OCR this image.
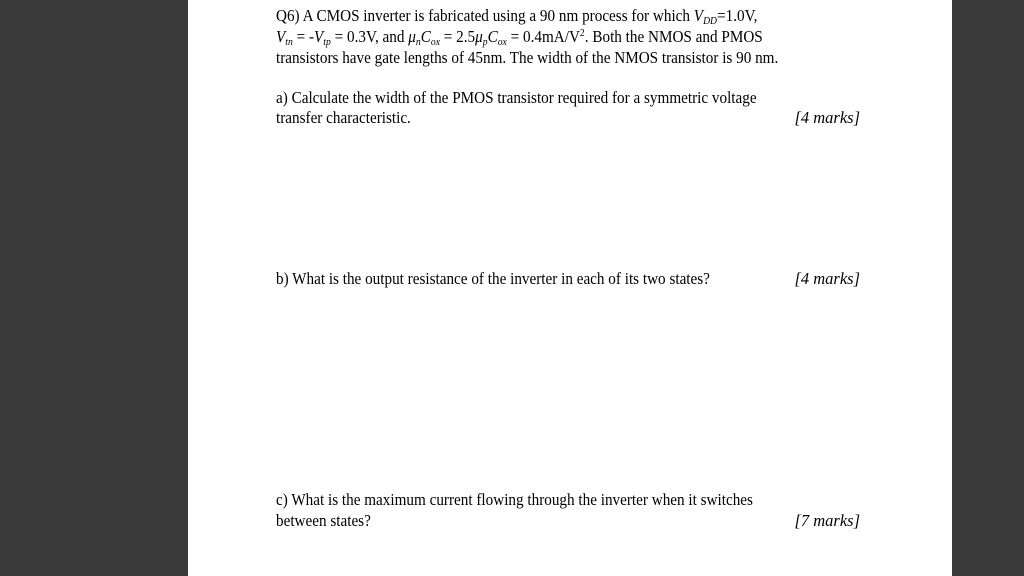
Q6) A CMOS inverter is fabricated using a 90 nm process for which $V_{DD}=1.0V$,
$V_{tn} = -V_{tp} = 0.3V$, and $\mu_nC_{ox} = 2.5\mu_pC_{ox} = 0.4mA/V^2$. Both the NMOS and PMOS
transistors have gate lengths of 45nm. The width of the NMOS transistor is 90 nm.
a) Calculate the width of the PMOS transistor required for a symmetric voltage
transfer characteristic.	[4 marks]
b) What is the output resistance of the inverter in each of its two states?	[4 marks]
c) What is the maximum current flowing through the inverter when it switches
between states?	[7 marks]
